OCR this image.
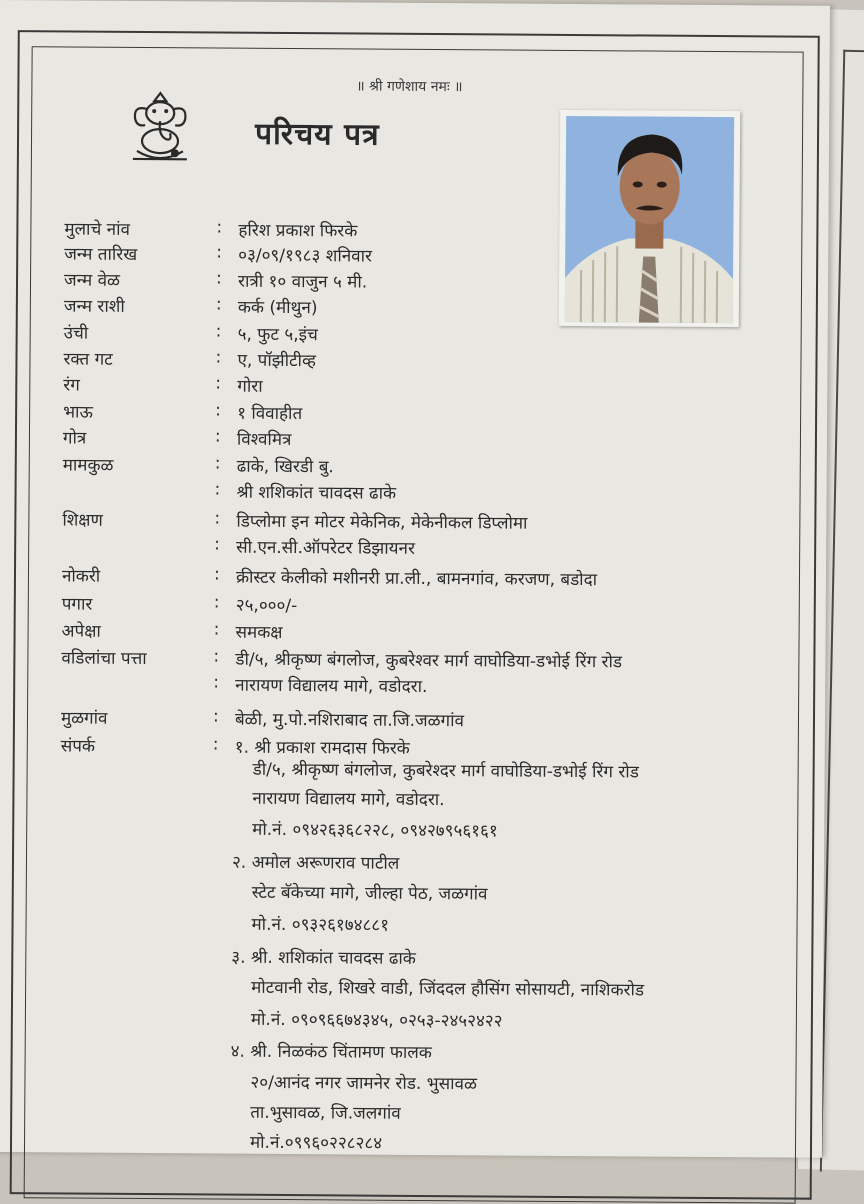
॥ श्री गणेशाय नमः ॥
परिचय पत्र
मुलाचे नांव	: हरिश प्रकाश फिरके
जन्म तारिख	: ०३/०९/१९८३ शनिवार
जन्म वेळ	: रात्री १० वाजुन ५ मी.
जन्म राशी	: कर्क (मीथुन)
उंची	: ५, फुट ५,इंच
रक्त गट	: ए, पॉझीटीव्ह
रंग	: गोरा
भाऊ	: १ विवाहीत
गोत्र	: विश्वमित्र
मामकुळ	: ढाके, खिरडी बु.
: श्री शशिकांत चावदस ढाके
शिक्षण	: डिप्लोमा इन मोटर मेकेनिक, मेकेनीकल डिप्लोमा
: सी.एन.सी.ऑपरेटर डिझायनर
नोकरी	: क्रीस्टर केलीको मशीनरी प्रा.ली., बामनगांव, करजण, बडोदा
पगार	: २५,०००/-
अपेक्षा	: समकक्ष
वडिलांचा पत्ता	: डी/५, श्रीकृष्ण बंगलोज, कुबरेश्वर मार्ग वाघोडिया-डभोई रिंग रोड
: नारायण विद्यालय मागे, वडोदरा.
मुळगांव	: बेळी, मु.पो.नशिराबाद ता.जि.जळगांव
संपर्क	: १. श्री प्रकाश रामदास फिरके
डी/५, श्रीकृष्ण बंगलोज, कुबरेश्दर मार्ग वाघोडिया-डभोई रिंग रोड
नारायण विद्यालय मागे, वडोदरा.
मो.नं. ०९४२६३६८२२८, ०९४२७९५६१६१
२. अमोल अरूणराव पाटील
स्टेट बॅकेच्या मागे, जील्हा पेठ, जळगांव
मो.नं. ०९३२६१७४८८१
३. श्री. शशिकांत चावदस ढाके
मोटवानी रोड, शिखरे वाडी, जिंददल हौसिंग सोसायटी, नाशिकरोड
मो.नं. ०९०९६६७४३४५, ०२५३-२४५२४२२
४. श्री. निळकंठ चिंतामण फालक
२०/आनंद नगर जामनेर रोड. भुसावळ
ता.भुसावळ, जि.जलगांव
मो.नं.०९९६०२२८२८४
